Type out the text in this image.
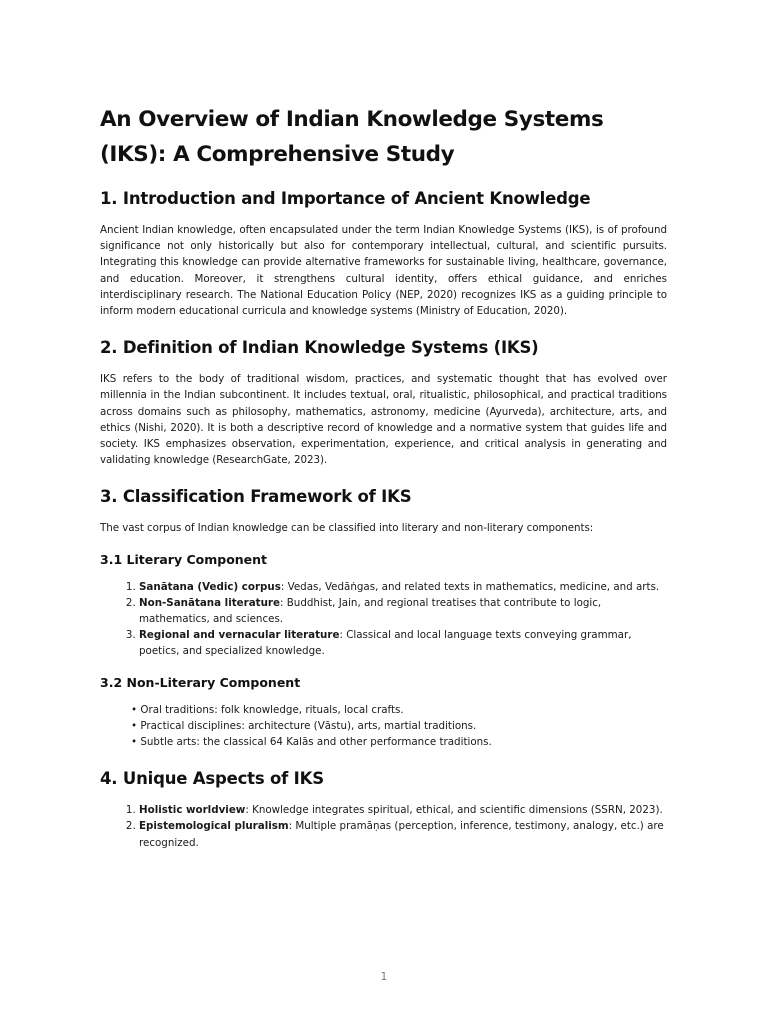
An Overview of Indian Knowledge Systems (IKS): A Comprehensive Study
1. Introduction and Importance of Ancient Knowledge

Ancient Indian knowledge, often encapsulated under the term Indian Knowledge Systems (IKS), is of profound significance not only historically but also for contemporary intellectual, cultural, and scientific pursuits. Integrating this knowledge can provide alternative frameworks for sustainable living, healthcare, governance, and education. Moreover, it strengthens cultural identity, offers ethical guidance, and enriches interdisciplinary research. The National Education Policy (NEP, 2020) recognizes IKS as a guiding principle to inform modern educational curricula and knowledge systems (Ministry of Education, 2020).

2. Definition of Indian Knowledge Systems (IKS)

IKS refers to the body of traditional wisdom, practices, and systematic thought that has evolved over millennia in the Indian subcontinent. It includes textual, oral, ritualistic, philosophical, and practical traditions across domains such as philosophy, mathematics, astronomy, medicine (Ayurveda), architecture, arts, and ethics (Nishi, 2020). It is both a descriptive record of knowledge and a normative system that guides life and society. IKS emphasizes observation, experimentation, experience, and critical analysis in generating and validating knowledge (ResearchGate, 2023).

3. Classification Framework of IKS

The vast corpus of Indian knowledge can be classified into literary and non-literary components:

3.1 Literary Component
1. Sanātana (Vedic) corpus: Vedas, Vedāṅgas, and related texts in mathematics, medicine, and arts.
2. Non-Sanātana literature: Buddhist, Jain, and regional treatises that contribute to logic, mathematics, and sciences.
3. Regional and vernacular literature: Classical and local language texts conveying grammar, poetics, and specialized knowledge.
3.2 Non-Literary Component
• Oral traditions: folk knowledge, rituals, local crafts.
• Practical disciplines: architecture (Vāstu), arts, martial traditions.
• Subtle arts: the classical 64 Kalās and other performance traditions.
4. Unique Aspects of IKS
1. Holistic worldview: Knowledge integrates spiritual, ethical, and scientific dimensions (SSRN, 2023).
2. Epistemological pluralism: Multiple pramāṇas (perception, inference, testimony, analogy, etc.) are recognized.
1
